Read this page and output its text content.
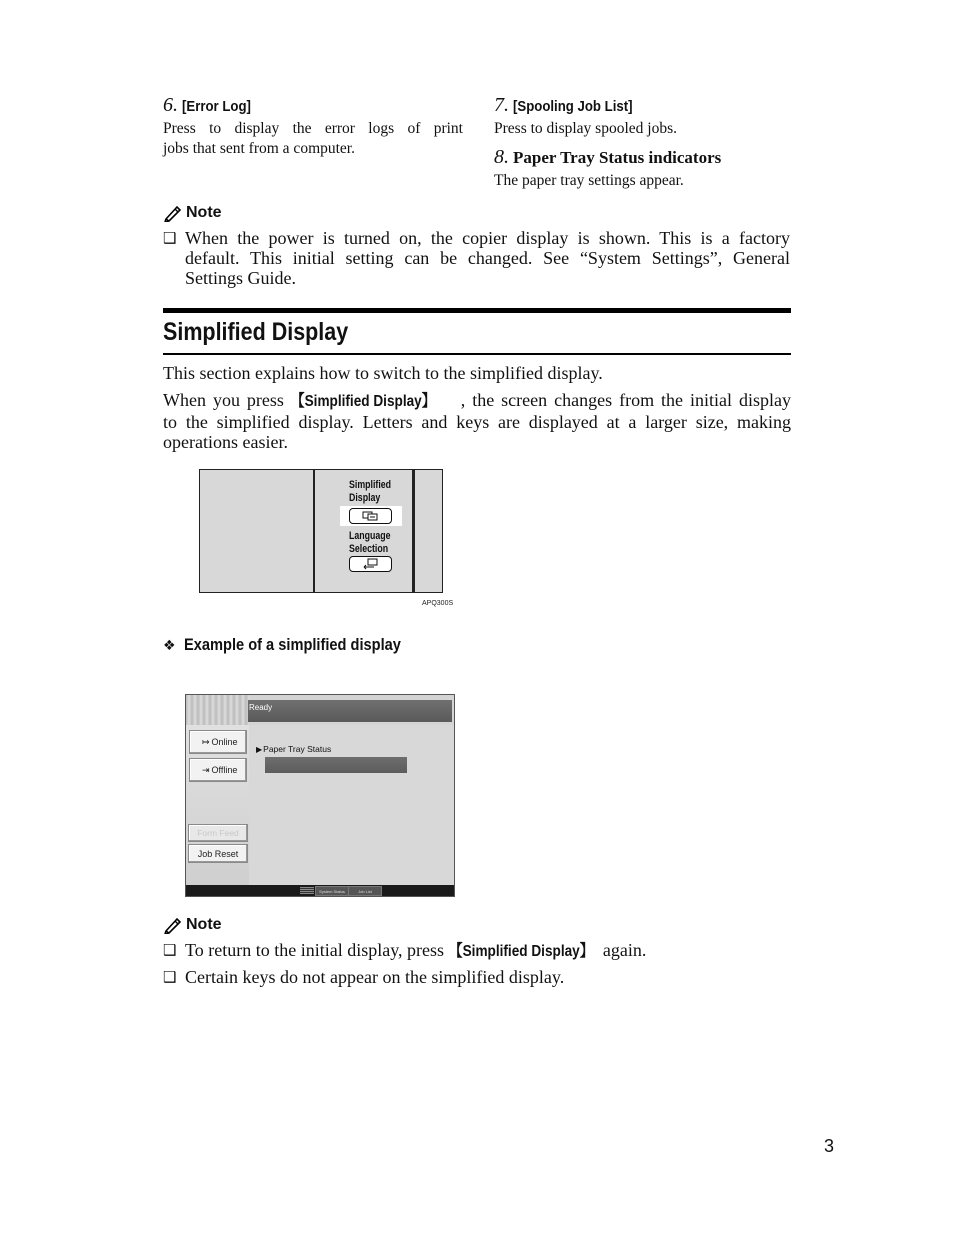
6. [Error Log]
Press to display the error logs of print
jobs that sent from a computer.
7. [Spooling Job List]
Press to display spooled jobs.
8. Paper Tray Status indicators
The paper tray settings appear.
Note
❑ When the power is turned on, the copier display is shown. This is a factory
default. This initial setting can be changed. See “System Settings”, General
Settings Guide.
Simplified Display
This section explains how to switch to the simplified display.
When you press 【Simplified Display】 , the screen changes from the initial display
to the simplified display. Letters and keys are displayed at a larger size, making
operations easier.
Simplified
Display
Language
Selection
APQ300S
❖ Example of a simplified display
Ready
↦ Online
⇥ Offline
▶ Paper Tray Status
Form Feed
Job Reset
System Status	Job List
Note
❑ To return to the initial display, press 【Simplified Display】 again.
❑ Certain keys do not appear on the simplified display.
3
